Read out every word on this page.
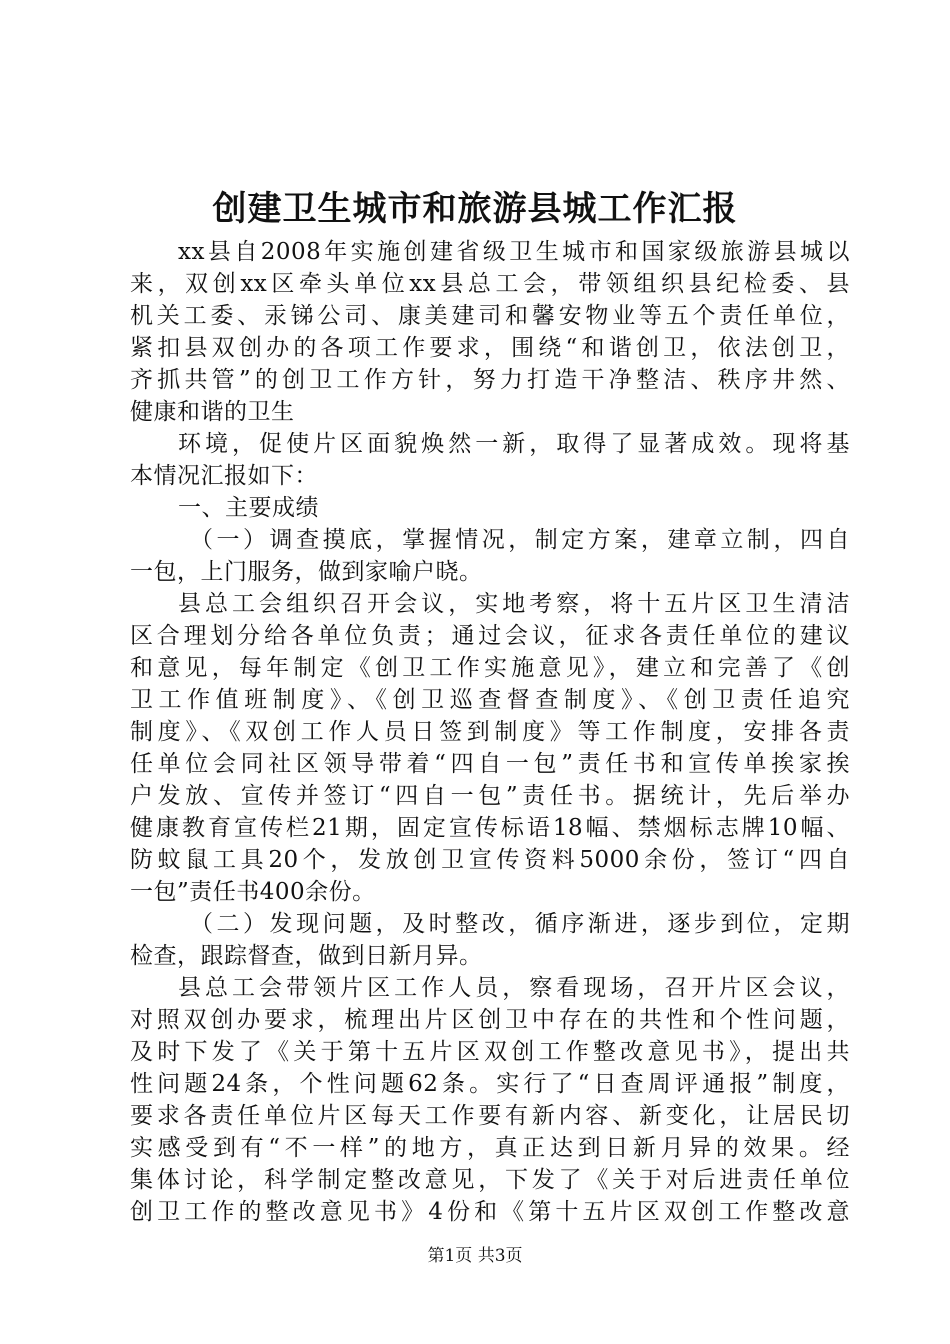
创建卫生城市和旅游县城工作汇报
xx县自2008年实施创建省级卫生城市和国家级旅游县城以
来，双创xx区牵头单位xx县总工会，带领组织县纪检委、县
机关工委、汞锑公司、康美建司和馨安物业等五个责任单位，
紧扣县双创办的各项工作要求，围绕“和谐创卫，依法创卫，
齐抓共管”的创卫工作方针，努力打造干净整洁、秩序井然、
健康和谐的卫生
环境，促使片区面貌焕然一新，取得了显著成效。现将基
本情况汇报如下：
一、主要成绩
（一）调查摸底，掌握情况，制定方案，建章立制，四自
一包，上门服务，做到家喻户晓。
县总工会组织召开会议，实地考察，将十五片区卫生清洁
区合理划分给各单位负责；通过会议，征求各责任单位的建议
和意见，每年制定《创卫工作实施意见》，建立和完善了《创
卫工作值班制度》、《创卫巡查督查制度》、《创卫责任追究
制度》、《双创工作人员日签到制度》等工作制度，安排各责
任单位会同社区领导带着“四自一包”责任书和宣传单挨家挨
户发放、宣传并签订“四自一包”责任书。据统计，先后举办
健康教育宣传栏21期，固定宣传标语18幅、禁烟标志牌10幅、
防蚊鼠工具20个，发放创卫宣传资料5000余份，签订“四自
一包”责任书400余份。
（二）发现问题，及时整改，循序渐进，逐步到位，定期
检查，跟踪督查，做到日新月异。
县总工会带领片区工作人员，察看现场，召开片区会议，
对照双创办要求，梳理出片区创卫中存在的共性和个性问题，
及时下发了《关于第十五片区双创工作整改意见书》，提出共
性问题24条，个性问题62条。实行了“日查周评通报”制度，
要求各责任单位片区每天工作要有新内容、新变化，让居民切
实感受到有“不一样”的地方，真正达到日新月异的效果。经
集体讨论，科学制定整改意见，下发了《关于对后进责任单位
创卫工作的整改意见书》4份和《第十五片区双创工作整改意
第1页 共3页
